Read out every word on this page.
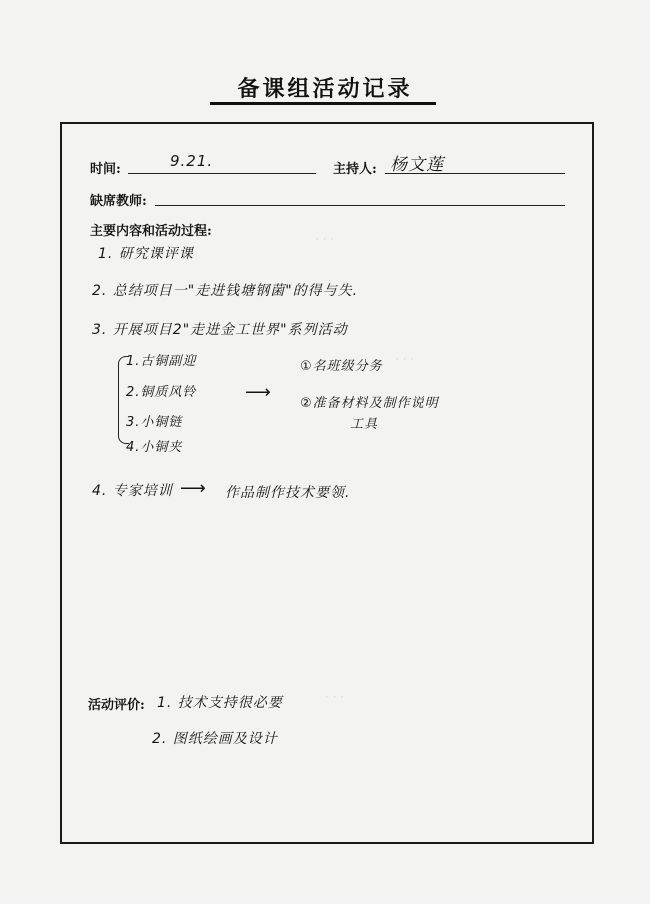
备课组活动记录
· · ·
· · ·
· · ·
时间:	9.21.	主持人: 杨文莲
缺席教师:
主要内容和活动过程:
1. 研究课评课
2. 总结项目一"走进钱塘钢菌"的得与失.
3. 开展项目2"走进金工世界"系列活动
1.古铜副迎
2.铜质风铃
3.小铜链
4.小铜夹
①名班级分务
⟶
②准备材料及制作说明
工具
4. 专家培训 ⟶ 作品制作技术要领.
活动评价: 1. 技术支持很必要
2. 图纸绘画及设计
